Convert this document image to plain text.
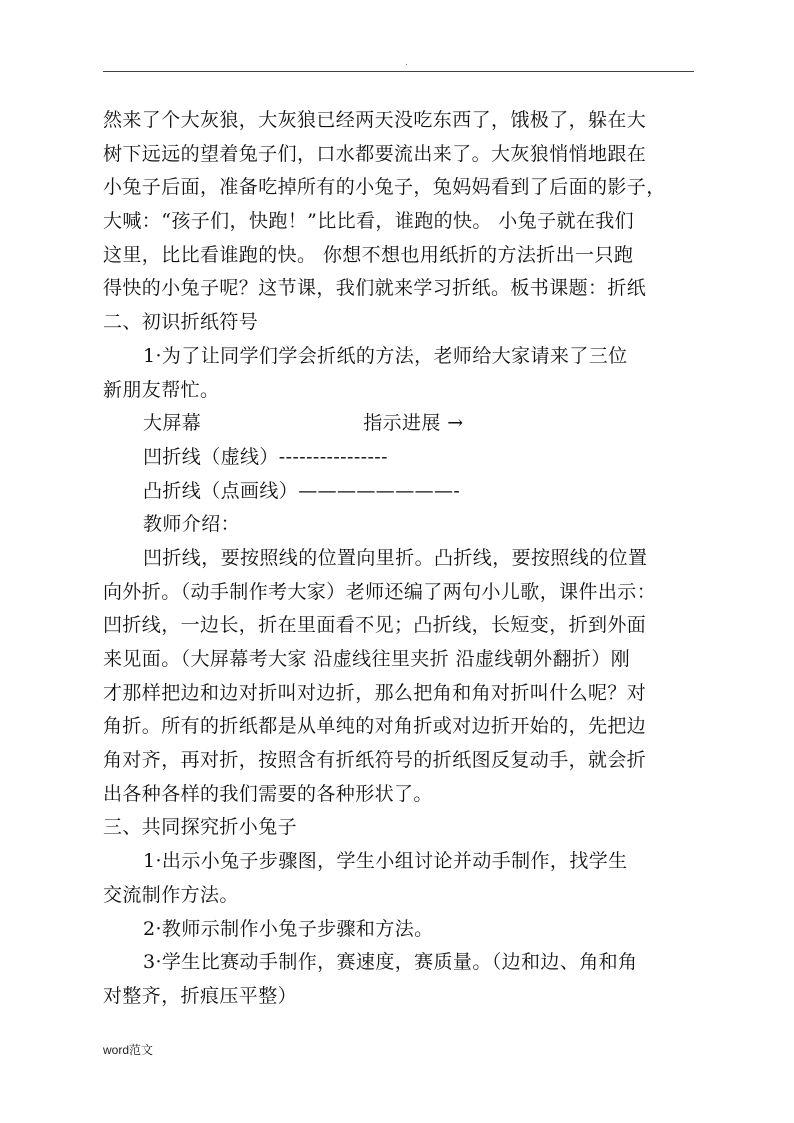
.
然来了个大灰狼，大灰狼已经两天没吃东西了，饿极了，躲在大
树下远远的望着兔子们，口水都要流出来了。大灰狼悄悄地跟在
小兔子后面，准备吃掉所有的小兔子，兔妈妈看到了后面的影子，
大喊：“孩子们，快跑！”比比看，谁跑的快。 小兔子就在我们
这里，比比看谁跑的快。 你想不想也用纸折的方法折出一只跑
得快的小兔子呢？这节课，我们就来学习折纸。板书课题：折纸
二、初识折纸符号
1·为了让同学们学会折纸的方法，老师给大家请来了三位
新朋友帮忙。
大屏幕	指示进展 →
凹折线（虚线）----------------
凸折线（点画线）————————-
教师介绍：
凹折线，要按照线的位置向里折。凸折线，要按照线的位置
向外折。（动手制作考大家）老师还编了两句小儿歌，课件出示：
凹折线，一边长，折在里面看不见；凸折线，长短变，折到外面
来见面。（大屏幕考大家 沿虚线往里夹折 沿虚线朝外翻折）刚
才那样把边和边对折叫对边折，那么把角和角对折叫什么呢？对
角折。所有的折纸都是从单纯的对角折或对边折开始的，先把边
角对齐，再对折，按照含有折纸符号的折纸图反复动手，就会折
出各种各样的我们需要的各种形状了。
三、共同探究折小兔子
1·出示小兔子步骤图，学生小组讨论并动手制作，找学生
交流制作方法。
2·教师示制作小兔子步骤和方法。
3·学生比赛动手制作，赛速度，赛质量。（边和边、角和角
对整齐，折痕压平整）
word范文
